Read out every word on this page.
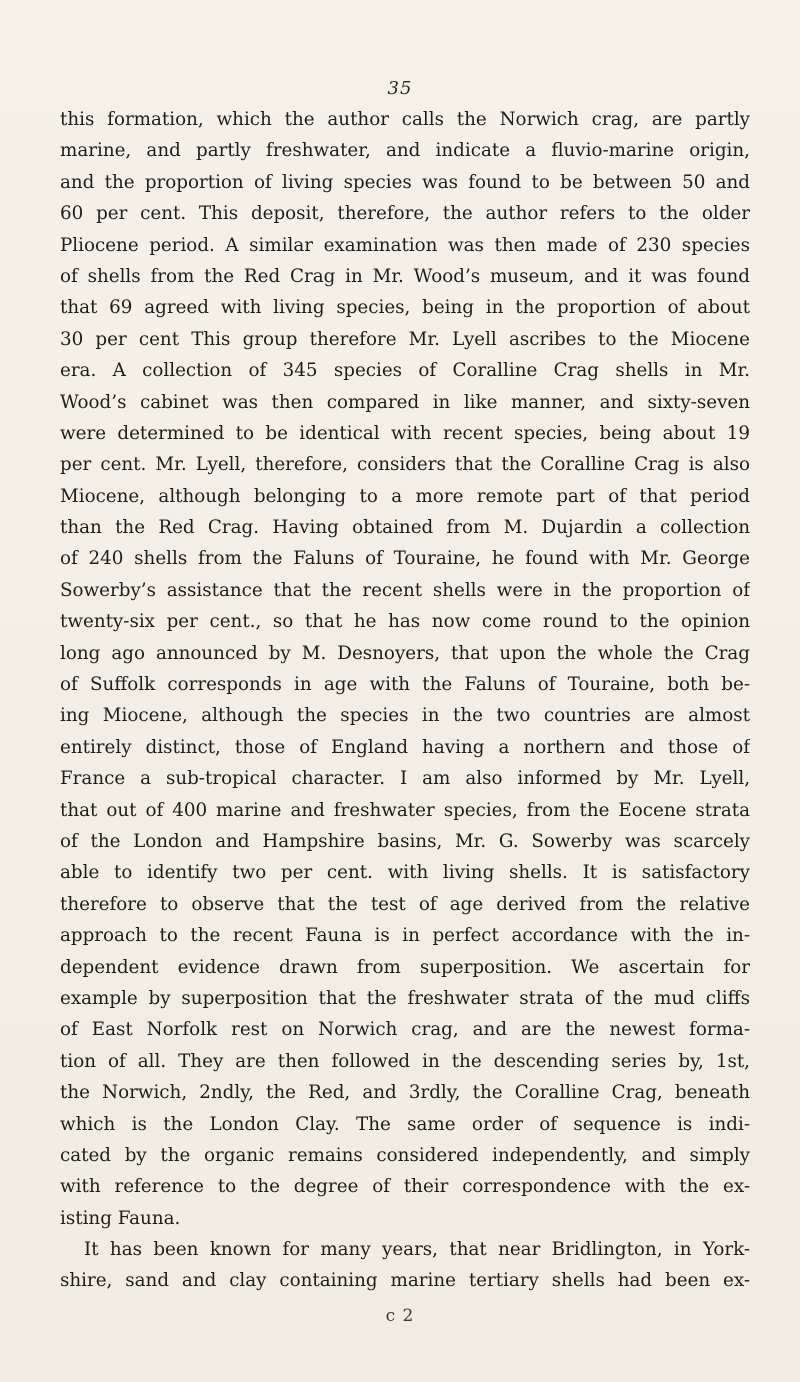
35
this formation, which the author calls the Norwich crag, are partly
marine, and partly freshwater, and indicate a fluvio-marine origin,
and the proportion of living species was found to be between 50 and
60 per cent. This deposit, therefore, the author refers to the older
Pliocene period. A similar examination was then made of 230 species
of shells from the Red Crag in Mr. Wood’s museum, and it was found
that 69 agreed with living species, being in the proportion of about
30 per cent This group therefore Mr. Lyell ascribes to the Miocene
era. A collection of 345 species of Coralline Crag shells in Mr.
Wood’s cabinet was then compared in like manner, and sixty-seven
were determined to be identical with recent species, being about 19
per cent. Mr. Lyell, therefore, considers that the Coralline Crag is also
Miocene, although belonging to a more remote part of that period
than the Red Crag. Having obtained from M. Dujardin a collection
of 240 shells from the Faluns of Touraine, he found with Mr. George
Sowerby’s assistance that the recent shells were in the proportion of
twenty-six per cent., so that he has now come round to the opinion
long ago announced by M. Desnoyers, that upon the whole the Crag
of Suffolk corresponds in age with the Faluns of Touraine, both be-
ing Miocene, although the species in the two countries are almost
entirely distinct, those of England having a northern and those of
France a sub-tropical character. I am also informed by Mr. Lyell,
that out of 400 marine and freshwater species, from the Eocene strata
of the London and Hampshire basins, Mr. G. Sowerby was scarcely
able to identify two per cent. with living shells. It is satisfactory
therefore to observe that the test of age derived from the relative
approach to the recent Fauna is in perfect accordance with the in-
dependent evidence drawn from superposition. We ascertain for
example by superposition that the freshwater strata of the mud cliffs
of East Norfolk rest on Norwich crag, and are the newest forma-
tion of all. They are then followed in the descending series by, 1st,
the Norwich, 2ndly, the Red, and 3rdly, the Coralline Crag, beneath
which is the London Clay. The same order of sequence is indi-
cated by the organic remains considered independently, and simply
with reference to the degree of their correspondence with the ex-
isting Fauna.
It has been known for many years, that near Bridlington, in York-
shire, sand and clay containing marine tertiary shells had been ex-
c 2
